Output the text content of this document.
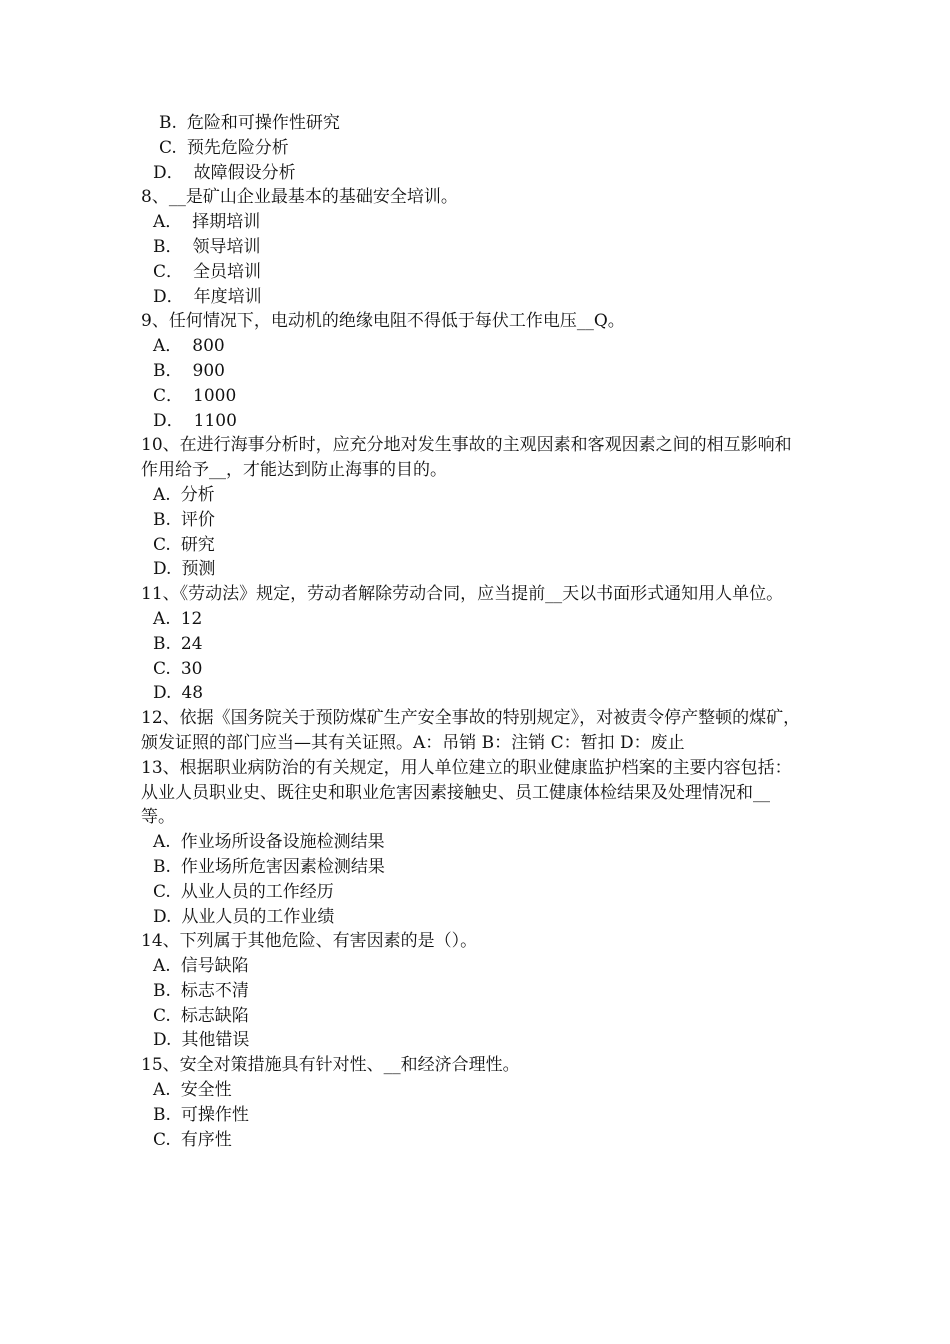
B. 危险和可操作性研究
C. 预先危险分析
D． 故障假设分析
8、__是矿山企业最基本的基础安全培训。
A． 择期培训
B． 领导培训
C． 全员培训
D． 年度培训
9、任何情况下，电动机的绝缘电阻不得低于每伏工作电压__Q。
A． 800
B． 900
C． 1000
D． 1100
10、在进行海事分析时，应充分地对发生事故的主观因素和客观因素之间的相互影响和作用给予__，才能达到防止海事的目的。
A. 分析
B. 评价
C. 研究
D. 预测
11、《劳动法》规定，劳动者解除劳动合同，应当提前__天以书面形式通知用人单位。
A. 12
B. 24
C. 30
D. 48
12、依据《国务院关于预防煤矿生产安全事故的特别规定》，对被责令停产整顿的煤矿，颁发证照的部门应当—其有关证照。A：吊销 B：注销 C：暂扣 D：废止
13、根据职业病防治的有关规定，用人单位建立的职业健康监护档案的主要内容包括：从业人员职业史、既往史和职业危害因素接触史、员工健康体检结果及处理情况和__等。
A. 作业场所设备设施检测结果
B. 作业场所危害因素检测结果
C. 从业人员的工作经历
D. 从业人员的工作业绩
14、下列属于其他危险、有害因素的是（）。
A. 信号缺陷
B. 标志不清
C. 标志缺陷
D. 其他错误
15、安全对策措施具有针对性、__和经济合理性。
A. 安全性
B. 可操作性
C. 有序性
